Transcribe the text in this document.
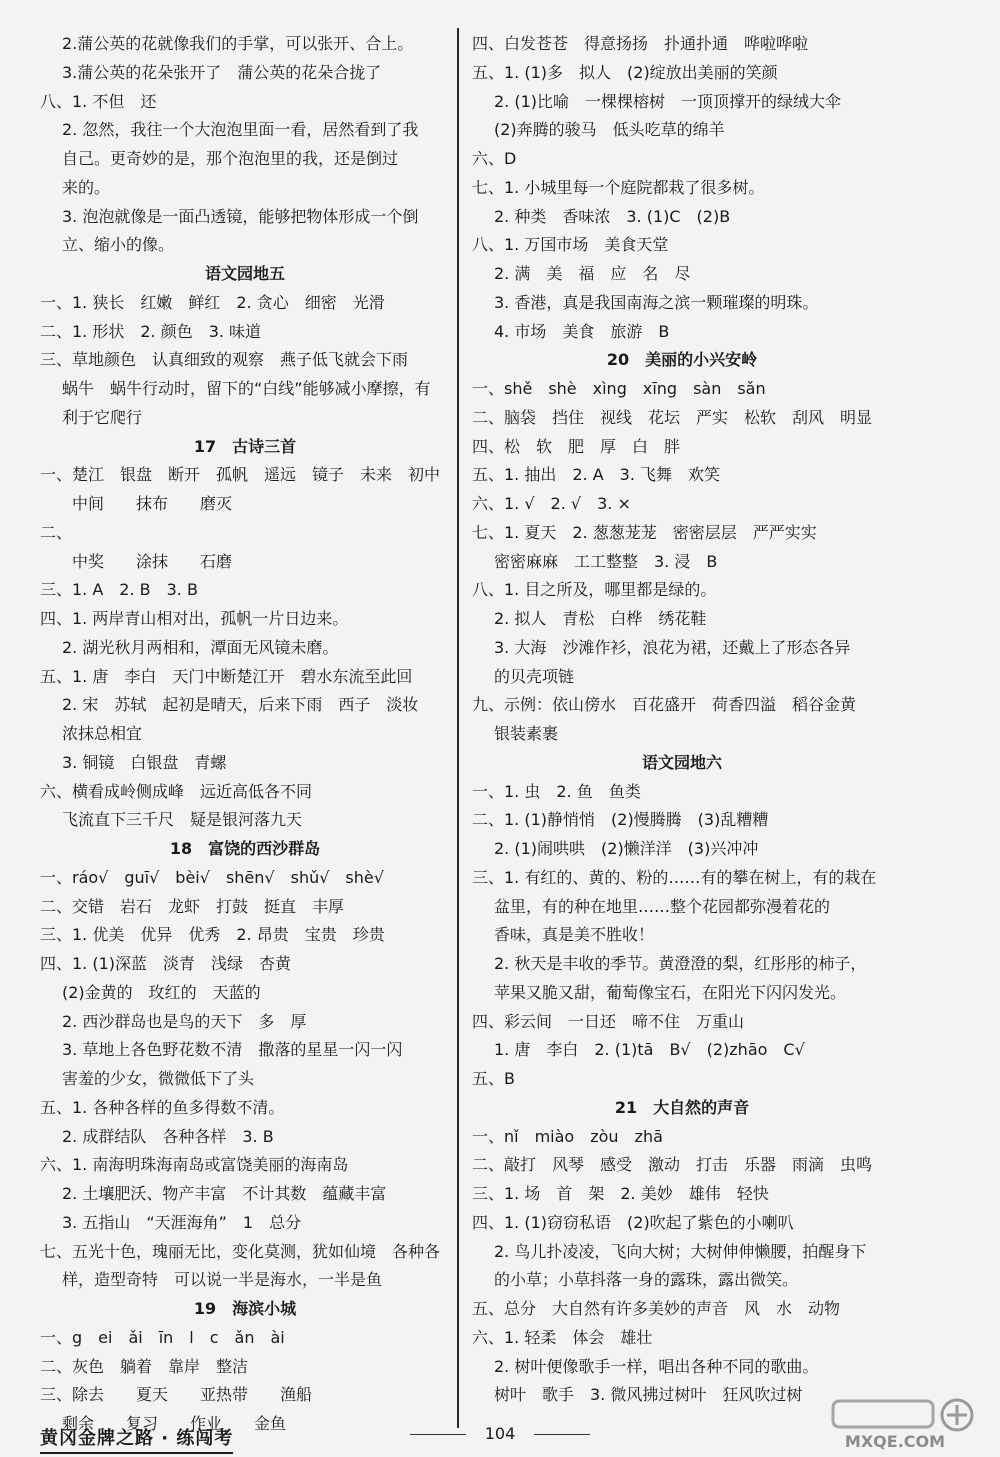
2.蒲公英的花就像我们的手掌，可以张开、合上。
3.蒲公英的花朵张开了　蒲公英的花朵合拢了
八、1. 不但　还
2. 忽然，我往一个大泡泡里面一看，居然看到了我
自己。更奇妙的是，那个泡泡里的我，还是倒过
来的。
3. 泡泡就像是一面凸透镜，能够把物体形成一个倒
立、缩小的像。
语文园地五
一、1. 狭长　红嫩　鲜红　2. 贪心　细密　光滑
二、1. 形状　2. 颜色　3. 味道
三、草地颜色　认真细致的观察　燕子低飞就会下雨
蜗牛　蜗牛行动时，留下的“白线”能够减小摩擦，有
利于它爬行
17　古诗三首
一、楚江　银盘　断开　孤帆　遥远　镜子　未来　初中
　　中间　　抹布　　磨灭
二、　　　　　　　　　　　
　　中奖　　涂抹　　石磨
三、1. A　2. B　3. B
四、1. 两岸青山相对出，孤帆一片日边来。
2. 湖光秋月两相和，潭面无风镜未磨。
五、1. 唐　李白　天门中断楚江开　碧水东流至此回
2. 宋　苏轼　起初是晴天，后来下雨　西子　淡妆
浓抹总相宜
3. 铜镜　白银盘　青螺
六、横看成岭侧成峰　远近高低各不同
飞流直下三千尺　疑是银河落九天
18　富饶的西沙群岛
一、ráo√　guī√　bèi√　shēn√　shǔ√　shè√
二、交错　岩石　龙虾　打鼓　挺直　丰厚
三、1. 优美　优异　优秀　2. 昂贵　宝贵　珍贵
四、1. (1)深蓝　淡青　浅绿　杏黄
(2)金黄的　玫红的　天蓝的
2. 西沙群岛也是鸟的天下　多　厚
3. 草地上各色野花数不清　撒落的星星一闪一闪
害羞的少女，微微低下了头
五、1. 各种各样的鱼多得数不清。
2. 成群结队　各种各样　3. B
六、1. 南海明珠海南岛或富饶美丽的海南岛
2. 土壤肥沃、物产丰富　不计其数　蕴藏丰富
3. 五指山　“天涯海角”　1　总分
七、五光十色，瑰丽无比，变化莫测，犹如仙境　各种各
样，造型奇特　可以说一半是海水，一半是鱼
19　海滨小城
一、g　ei　ǎi　īn　l　c　ǎn　ài
二、灰色　躺着　靠岸　整洁
三、除去　　夏天　　亚热带　　渔船
剩余　　复习　　作业　　金鱼
四、白发苍苍　得意扬扬　扑通扑通　哗啦哗啦
五、1. (1)多　拟人　(2)绽放出美丽的笑颜
2. (1)比喻　一棵棵榕树　一顶顶撑开的绿绒大伞
(2)奔腾的骏马　低头吃草的绵羊
六、D
七、1. 小城里每一个庭院都栽了很多树。
2. 种类　香味浓　3. (1)C　(2)B
八、1. 万国市场　美食天堂
2. 满　美　福　应　名　尽
3. 香港，真是我国南海之滨一颗璀璨的明珠。
4. 市场　美食　旅游　B
20　美丽的小兴安岭
一、shě　shè　xìng　xīng　sàn　sǎn
二、脑袋　挡住　视线　花坛　严实　松软　刮风　明显
四、松　软　肥　厚　白　胖
五、1. 抽出　2. A　3. 飞舞　欢笑
六、1. √　2. √　3. ×
七、1. 夏天　2. 葱葱茏茏　密密层层　严严实实
密密麻麻　工工整整　3. 浸　B
八、1. 目之所及，哪里都是绿的。
2. 拟人　青松　白桦　绣花鞋
3. 大海　沙滩作衫，浪花为裙，还戴上了形态各异
的贝壳项链
九、示例：依山傍水　百花盛开　荷香四溢　稻谷金黄
银装素裹
语文园地六
一、1. 虫　2. 鱼　鱼类
二、1. (1)静悄悄　(2)慢腾腾　(3)乱糟糟
2. (1)闹哄哄　(2)懒洋洋　(3)兴冲冲
三、1. 有红的、黄的、粉的……有的攀在树上，有的栽在
盆里，有的种在地里……整个花园都弥漫着花的
香味，真是美不胜收！
2. 秋天是丰收的季节。黄澄澄的梨，红彤彤的柿子，
苹果又脆又甜，葡萄像宝石，在阳光下闪闪发光。
四、彩云间　一日还　啼不住　万重山
1. 唐　李白　2. (1)tā　B√　(2)zhāo　C√
五、B
21　大自然的声音
一、nǐ　miào　zòu　zhā
二、敲打　风琴　感受　激动　打击　乐器　雨滴　虫鸣
三、1. 场　首　架　2. 美妙　雄伟　轻快
四、1. (1)窃窃私语　(2)吹起了紫色的小喇叭
2. 鸟儿扑凌凌，飞向大树；大树伸伸懒腰，拍醒身下
的小草；小草抖落一身的露珠，露出微笑。
五、总分　大自然有许多美妙的声音　风　水　动物
六、1. 轻柔　体会　雄壮
2. 树叶便像歌手一样，唱出各种不同的歌曲。
树叶　歌手　3. 微风拂过树叶　狂风吹过树
黄冈金牌之路 · 练闯考	104	MXQE.COM
